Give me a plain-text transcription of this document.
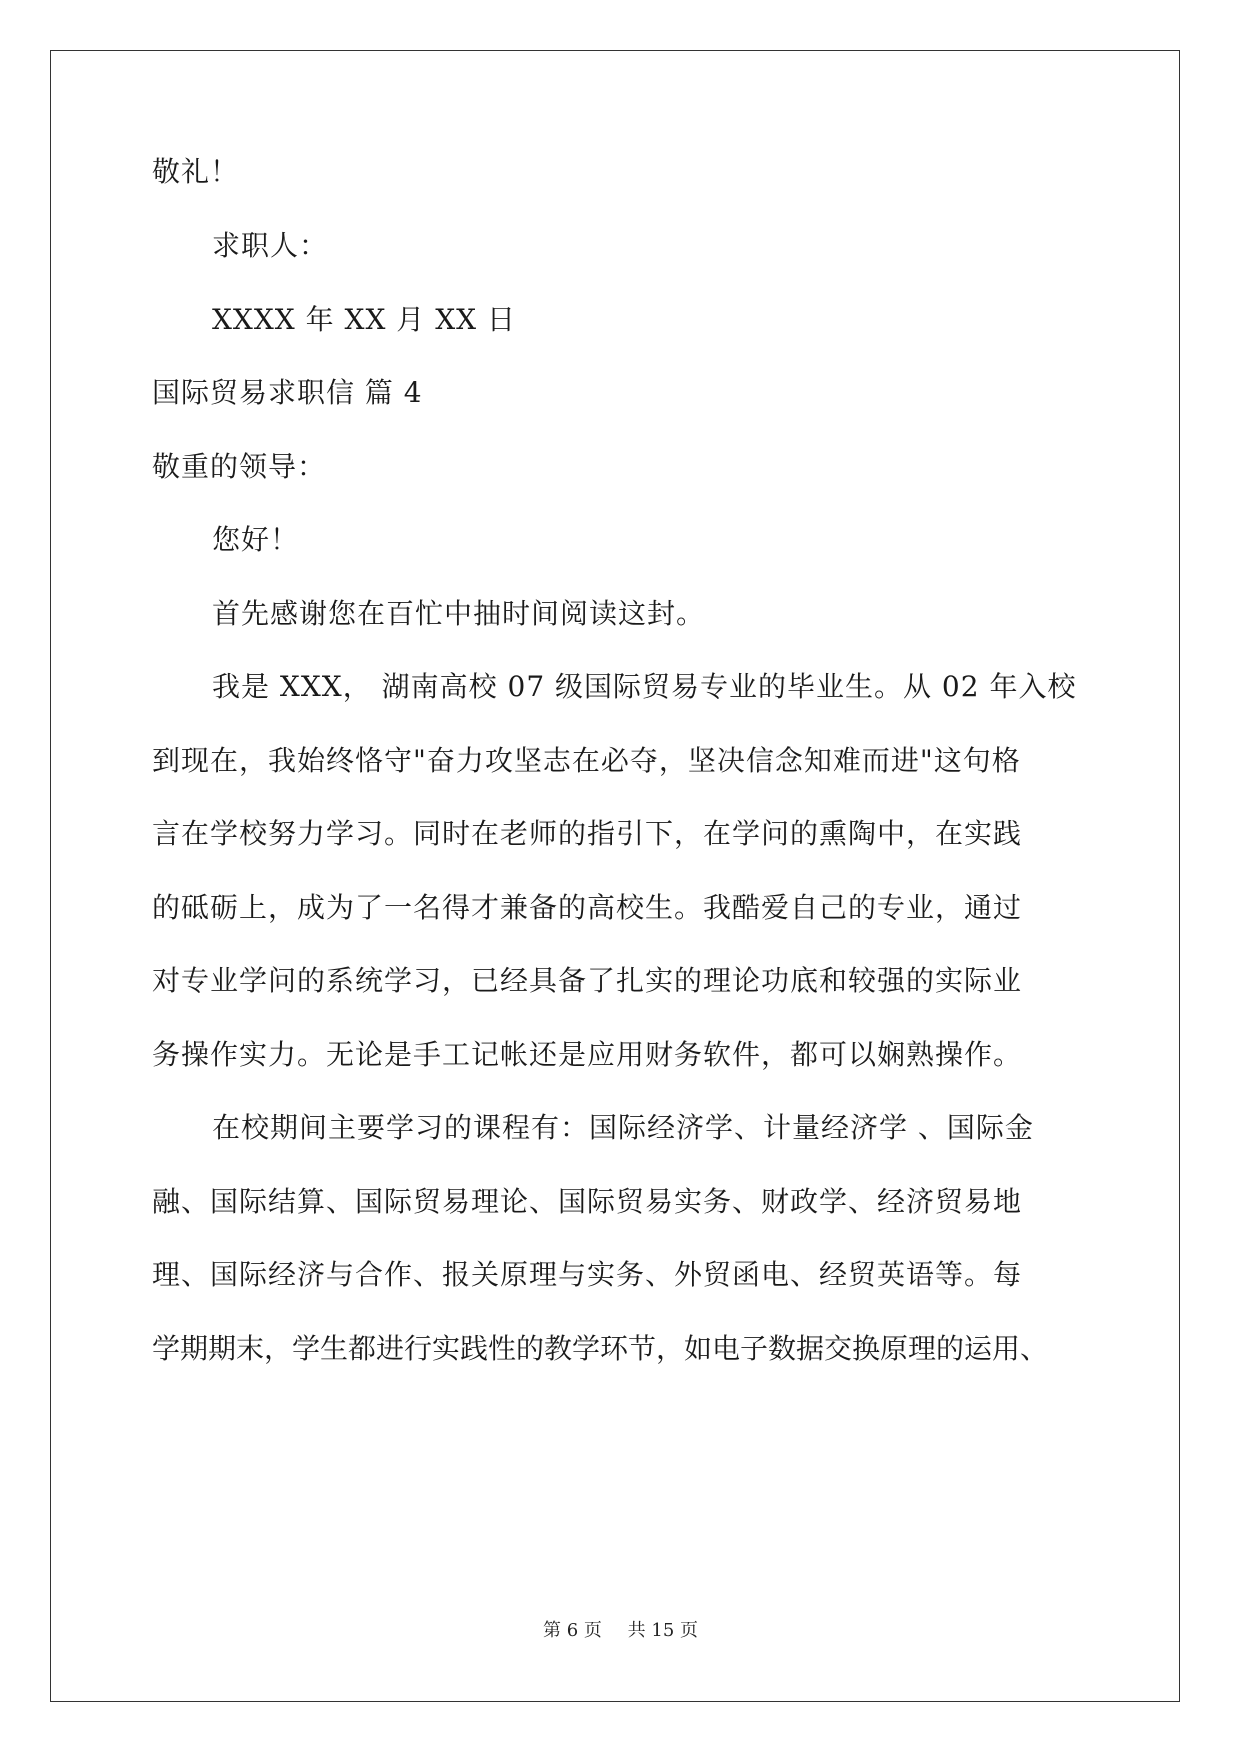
敬礼！
求职人：
XXXX 年 XX 月 XX 日
国际贸易求职信 篇 4
敬重的领导：
您好！
首先感谢您在百忙中抽时间阅读这封。
我是 XXX， 湖南高校 07 级国际贸易专业的毕业生。从 02 年入校
到现在，我始终恪守"奋力攻坚志在必夺，坚决信念知难而进"这句格
言在学校努力学习。同时在老师的指引下，在学问的熏陶中，在实践
的砥砺上，成为了一名得才兼备的高校生。我酷爱自己的专业，通过
对专业学问的系统学习，已经具备了扎实的理论功底和较强的实际业
务操作实力。无论是手工记帐还是应用财务软件，都可以娴熟操作。
在校期间主要学习的课程有：国际经济学、计量经济学 、国际金
融、国际结算、国际贸易理论、国际贸易实务、财政学、经济贸易地
理、国际经济与合作、报关原理与实务、外贸函电、经贸英语等。每
学期期末，学生都进行实践性的教学环节，如电子数据交换原理的运用、
第 6 页 共 15 页
